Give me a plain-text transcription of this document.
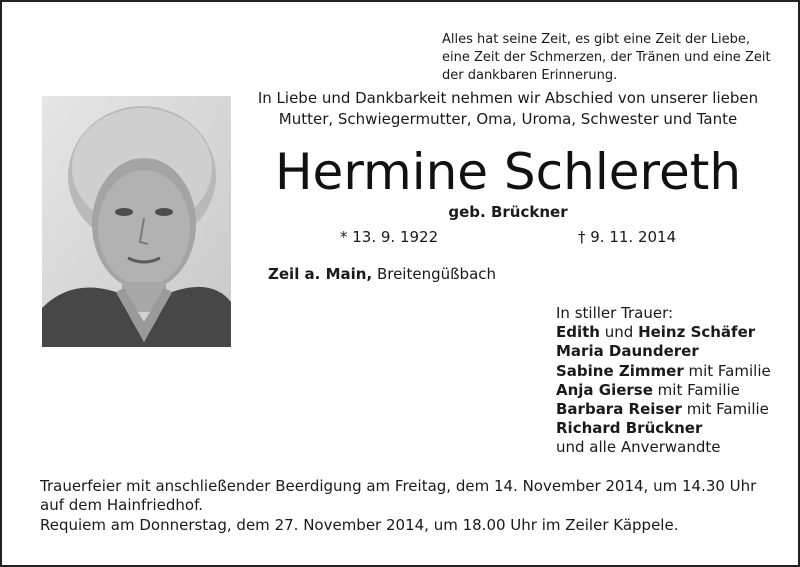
Alles hat seine Zeit, es gibt eine Zeit der Liebe,
eine Zeit der Schmerzen, der Tränen und eine Zeit
der dankbaren Erinnerung.
In Liebe und Dankbarkeit nehmen wir Abschied von unserer lieben
Mutter, Schwiegermutter, Oma, Uroma, Schwester und Tante
Hermine Schlereth
geb. Brückner
* 13. 9. 1922	† 9. 11. 2014
Zeil a. Main, Breitengüßbach
In stiller Trauer:
Edith und Heinz Schäfer
Maria Daunderer
Sabine Zimmer mit Familie
Anja Gierse mit Familie
Barbara Reiser mit Familie
Richard Brückner
und alle Anverwandte
Trauerfeier mit anschließender Beerdigung am Freitag, dem 14. November 2014, um 14.30 Uhr auf dem Hainfriedhof.
Requiem am Donnerstag, dem 27. November 2014, um 18.00 Uhr im Zeiler Käppele.
